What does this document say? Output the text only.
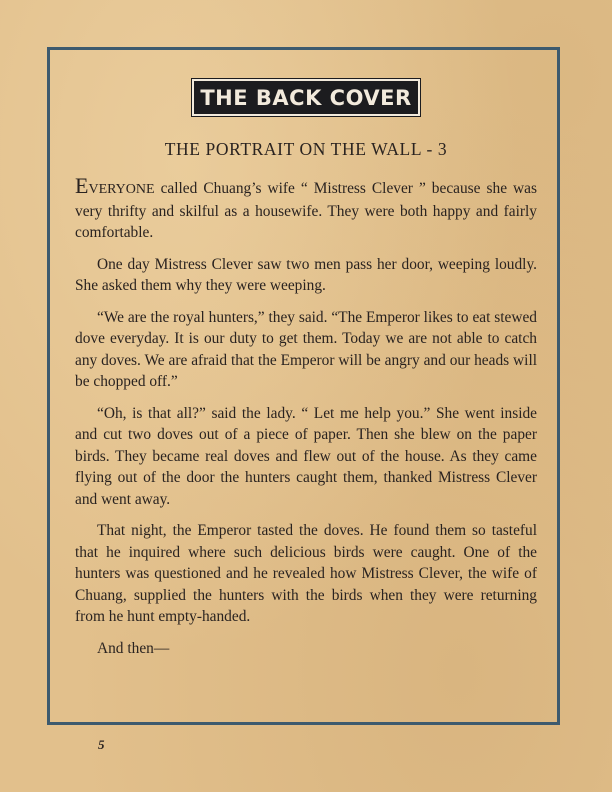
THE BACK COVER
THE PORTRAIT ON THE WALL - 3

EVERYONE called Chuang’s wife “ Mistress Clever ” because she was very thrifty and skilful as a housewife. They were both happy and fairly comfortable.

One day Mistress Clever saw two men pass her door, weeping loudly. She asked them why they were weeping.

“We are the royal hunters,” they said. “The Emperor likes to eat stewed dove everyday. It is our duty to get them. Today we are not able to catch any doves. We are afraid that the Emperor will be angry and our heads will be chopped off.”

“Oh, is that all?” said the lady. “ Let me help you.” She went inside and cut two doves out of a piece of paper. Then she blew on the paper birds. They became real doves and flew out of the house. As they came flying out of the door the hunters caught them, thanked Mistress Clever and went away.

That night, the Emperor tasted the doves. He found them so tasteful that he inquired where such delicious birds were caught. One of the hunters was questioned and he revealed how Mistress Clever, the wife of Chuang, supplied the hunters with the birds when they were returning from he hunt empty-handed.

And then—

5
